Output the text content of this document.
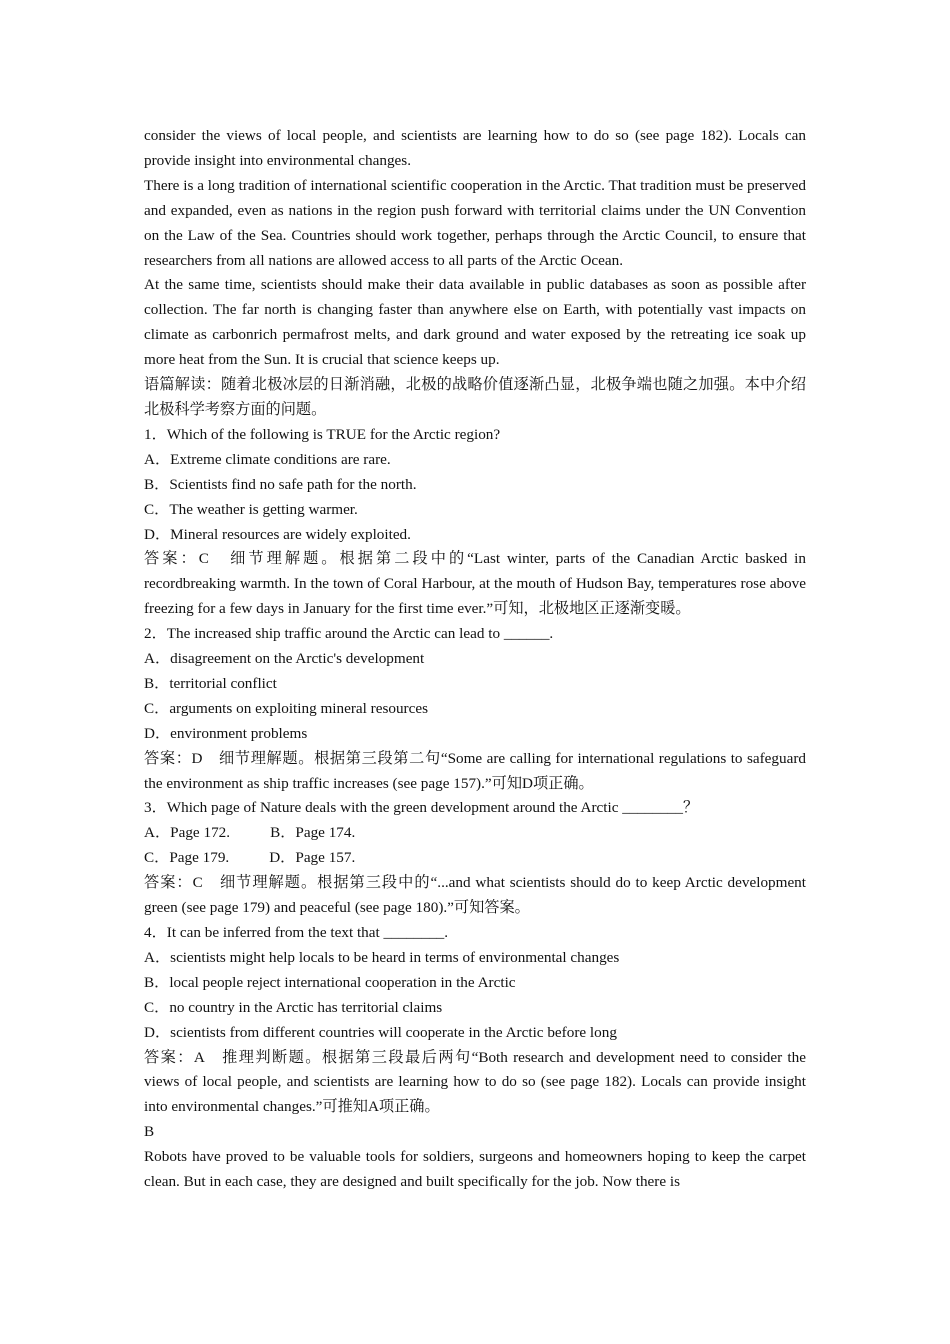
consider the views of local people, and scientists are learning how to do so (see page 182). Locals can provide insight into environmental changes.

There is a long tradition of international scientific cooperation in the Arctic. That tradition must be preserved and expanded, even as nations in the region push forward with territorial claims under the UN Convention on the Law of the Sea. Countries should work together, perhaps through the Arctic Council, to ensure that researchers from all nations are allowed access to all parts of the Arctic Ocean.

At the same time, scientists should make their data available in public databases as soon as possible after collection. The far north is changing faster than anywhere else on Earth, with potentially vast impacts on climate as carbonrich permafrost melts, and dark ground and water exposed by the retreating ice soak up more heat from the Sun. It is crucial that science keeps up.

语篇解读：随着北极冰层的日渐消融，北极的战略价值逐渐凸显，北极争端也随之加强。本中介绍北极科学考察方面的问题。

1．Which of the following is TRUE for the Arctic region?

A．Extreme climate conditions are rare.

B．Scientists find no safe path for the north.

C．The weather is getting warmer.

D．Mineral resources are widely exploited.

答案：C　细节理解题。根据第二段中的“Last winter, parts of the Canadian Arctic basked in recordbreaking warmth. In the town of Coral Harbour, at the mouth of Hudson Bay, temperatures rose above freezing for a few days in January for the first time ever.”可知，北极地区正逐渐变暖。

2．The increased ship traffic around the Arctic can lead to ______.

A．disagreement on the Arctic's development

B．territorial conflict

C．arguments on exploiting mineral resources

D．environment problems

答案：D　细节理解题。根据第三段第二句“Some are calling for international regulations to safeguard the environment as ship traffic increases (see page 157).”可知D项正确。

3．Which page of Nature deals with the green development around the Arctic ________？

A．Page 172.	B．Page 174.

C．Page 179.	D．Page 157.

答案：C　细节理解题。根据第三段中的“...and what scientists should do to keep Arctic development green (see page 179) and peaceful (see page 180).”可知答案。

4．It can be inferred from the text that ________.

A．scientists might help locals to be heard in terms of environmental changes

B．local people reject international cooperation in the Arctic

C．no country in the Arctic has territorial claims

D．scientists from different countries will cooperate in the Arctic before long

答案：A　推理判断题。根据第三段最后两句“Both research and development need to consider the views of local people, and scientists are learning how to do so (see page 182). Locals can provide insight into environmental changes.”可推知A项正确。

B

Robots have proved to be valuable tools for soldiers, surgeons and homeowners hoping to keep the carpet clean. But in each case, they are designed and built specifically for the job. Now there is
